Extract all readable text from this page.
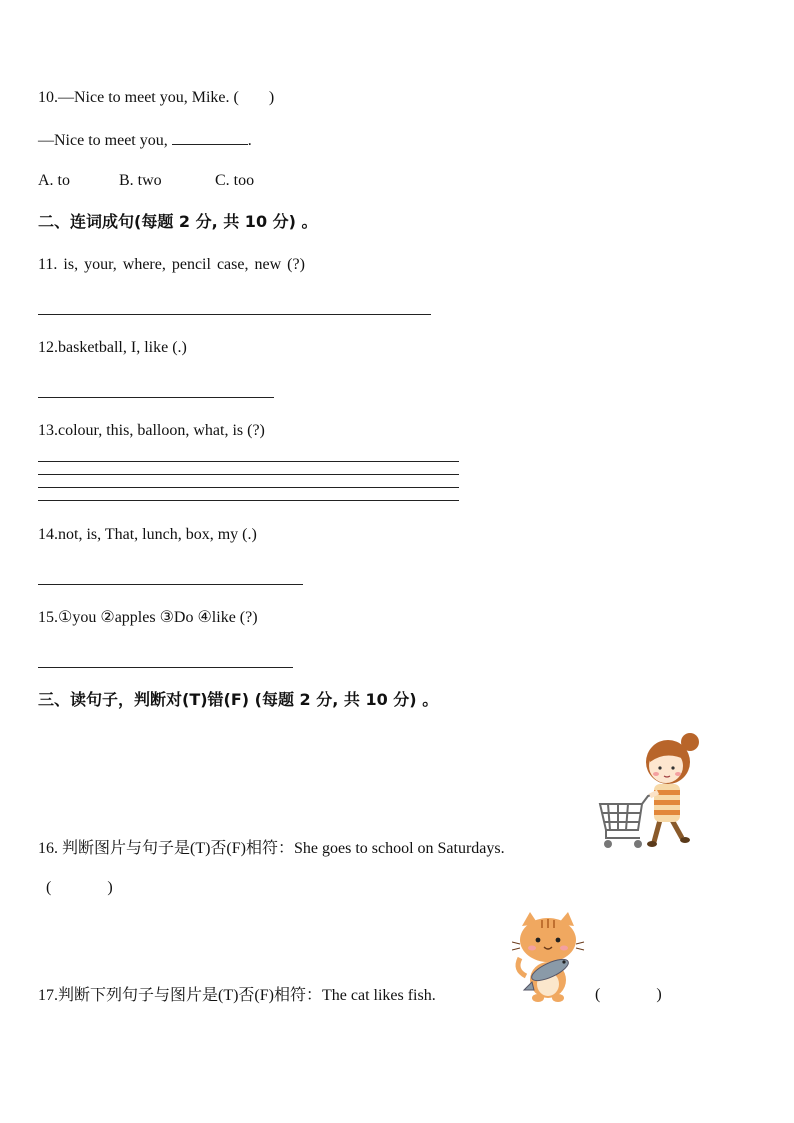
10.—Nice to meet you, Mike. ( )
—Nice to meet you,	.
A. to	B. two	C. too
二、连词成句(每题 2 分, 共 10 分) 。
11. is, your, where, pencil case, new (?)
12.basketball, I, like (.)
13.colour, this, balloon, what, is (?)
14.not, is, That, lunch, box, my (.)
15.①you ②apples ③Do ④like (?)
三、读句子，判断对(T)错(F) (每题 2 分, 共 10 分) 。
16. 判断图片与句子是(T)否(F)相符：She goes to school on Saturdays.
(	)
17.判断下列句子与图片是(T)否(F)相符：The cat likes fish.	(	)
